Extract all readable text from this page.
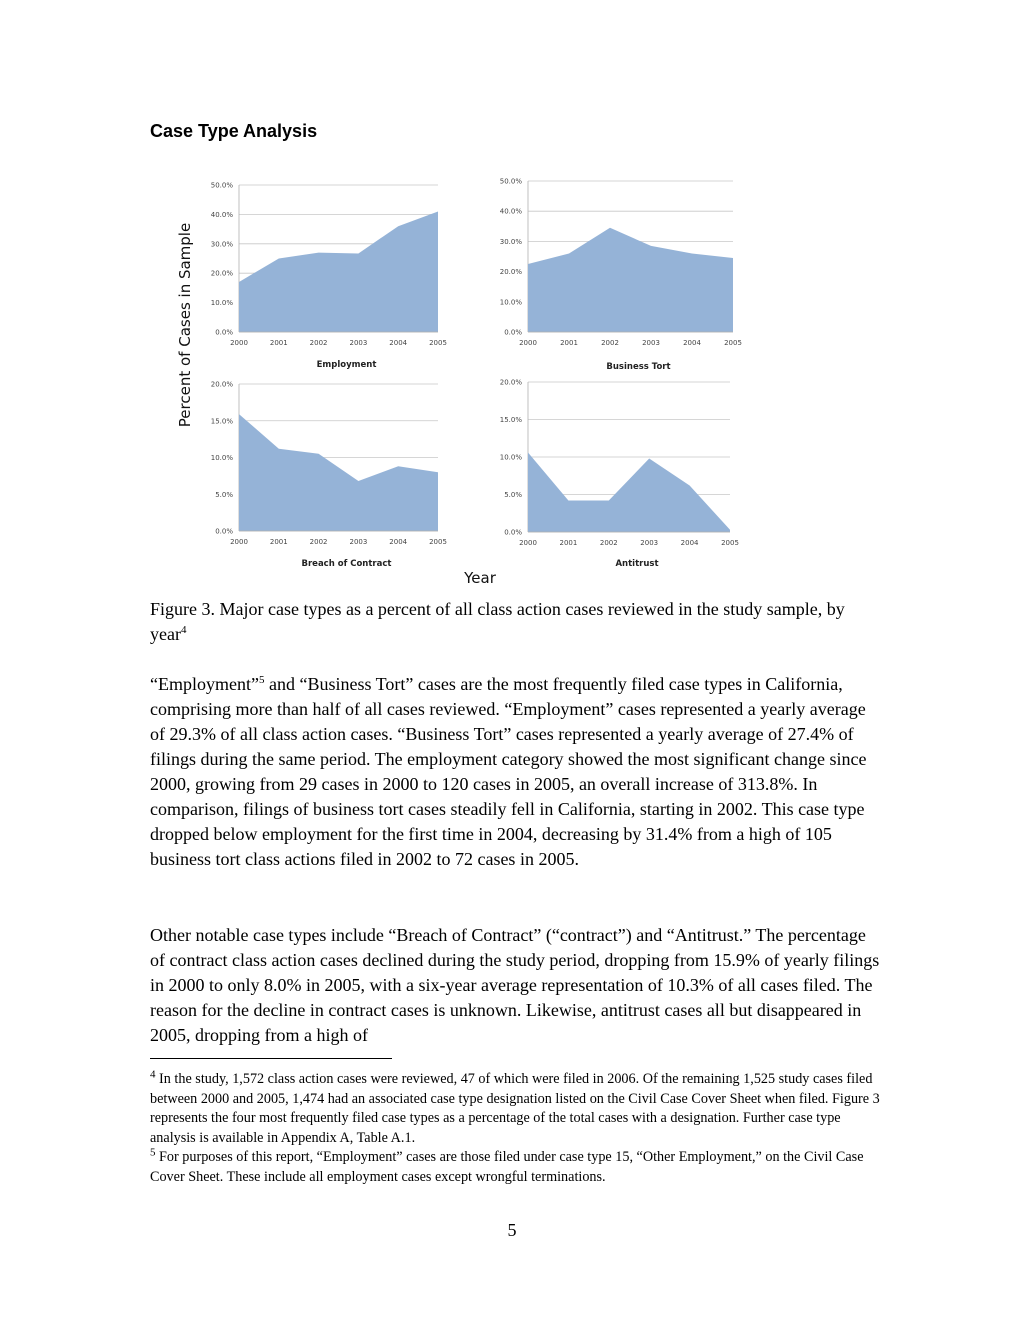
Case Type Analysis
Percent of Cases in Sample
Year
0.0%
10.0%
20.0%
30.0%
40.0%
50.0%
2000	2001	2002	2003	2004	2005
Employment
0.0%
10.0%
20.0%
30.0%
40.0%
50.0%
2000	2001	2002	2003	2004	2005
Business Tort
0.0%
5.0%
10.0%
15.0%
20.0%
2000	2001	2002	2003	2004	2005
Breach of Contract
0.0%
5.0%
10.0%
15.0%
20.0%
2000	2001	2002	2003	2004	2005
Antitrust

Figure 3. Major case types as a percent of all class action cases reviewed in the study sample, by year$^4$

“Employment”$^5$ and “Business Tort” cases are the most frequently filed case types in California, comprising more than half of all cases reviewed. “Employment” cases represented a yearly average of 29.3% of all class action cases. “Business Tort” cases represented a yearly average of 27.4% of filings during the same period. The employment category showed the most significant change since 2000, growing from 29 cases in 2000 to 120 cases in 2005, an overall increase of 313.8%. In comparison, filings of business tort cases steadily fell in California, starting in 2002. This case type dropped below employment for the first time in 2004, decreasing by 31.4% from a high of 105 business tort class actions filed in 2002 to 72 cases in 2005.

Other notable case types include “Breach of Contract” (“contract”) and “Antitrust.” The percentage of contract class action cases declined during the study period, dropping from 15.9% of yearly filings in 2000 to only 8.0% in 2005, with a six-year average representation of 10.3% of all cases filed. The reason for the decline in contract cases is unknown. Likewise, antitrust cases all but disappeared in 2005, dropping from a high of

$^4$ In the study, 1,572 class action cases were reviewed, 47 of which were filed in 2006. Of the remaining 1,525 study cases filed between 2000 and 2005, 1,474 had an associated case type designation listed on the Civil Case Cover Sheet when filed. Figure 3 represents the four most frequently filed case types as a percentage of the total cases with a designation. Further case type analysis is available in Appendix A, Table A.1.

$^5$ For purposes of this report, “Employment” cases are those filed under case type 15, “Other Employment,” on the Civil Case Cover Sheet. These include all employment cases except wrongful terminations.

5
